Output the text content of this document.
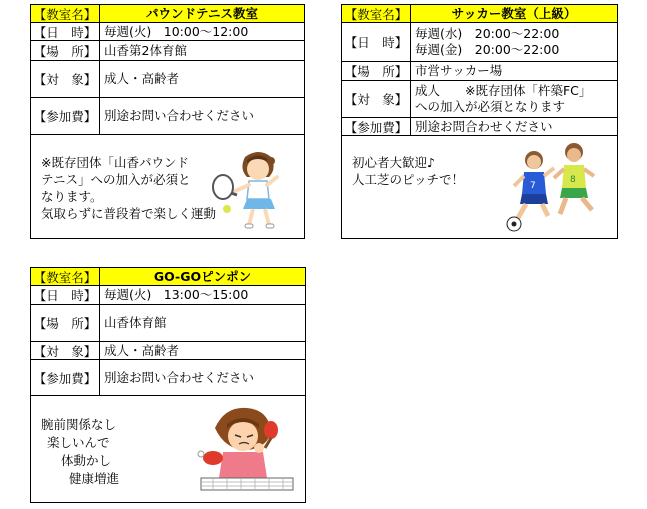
【教室名】	パウンドテニス教室
【日　時】 毎週(火)　10:00～12:00
【場　所】 山香第2体育館
【対　象】 成人・高齢者
【参加費】 別途お問い合わせください
※既存団体「山香パウンド
テニス」への加入が必須と
なります。
気取らずに普段着で楽しく運動
【教室名】	サッカー教室（上級）
【日　時】
毎週(水)　20:00～22:00
毎週(金)　20:00～22:00
【場　所】 市営サッカー場
【対　象】
成人　　※既存団体「杵築FC」
への加入が必須となります
【参加費】 別途お問合わせください
初心者大歓迎♪
人工芝のピッチで！	7
8
【教室名】	GO-GOピンポン
【日　時】 毎週(火)　13:00～15:00
【場　所】 山香体育館
【対　象】 成人・高齢者
【参加費】 別途お問い合わせください
腕前関係なし
楽しいんで
体動かし
健康増進
